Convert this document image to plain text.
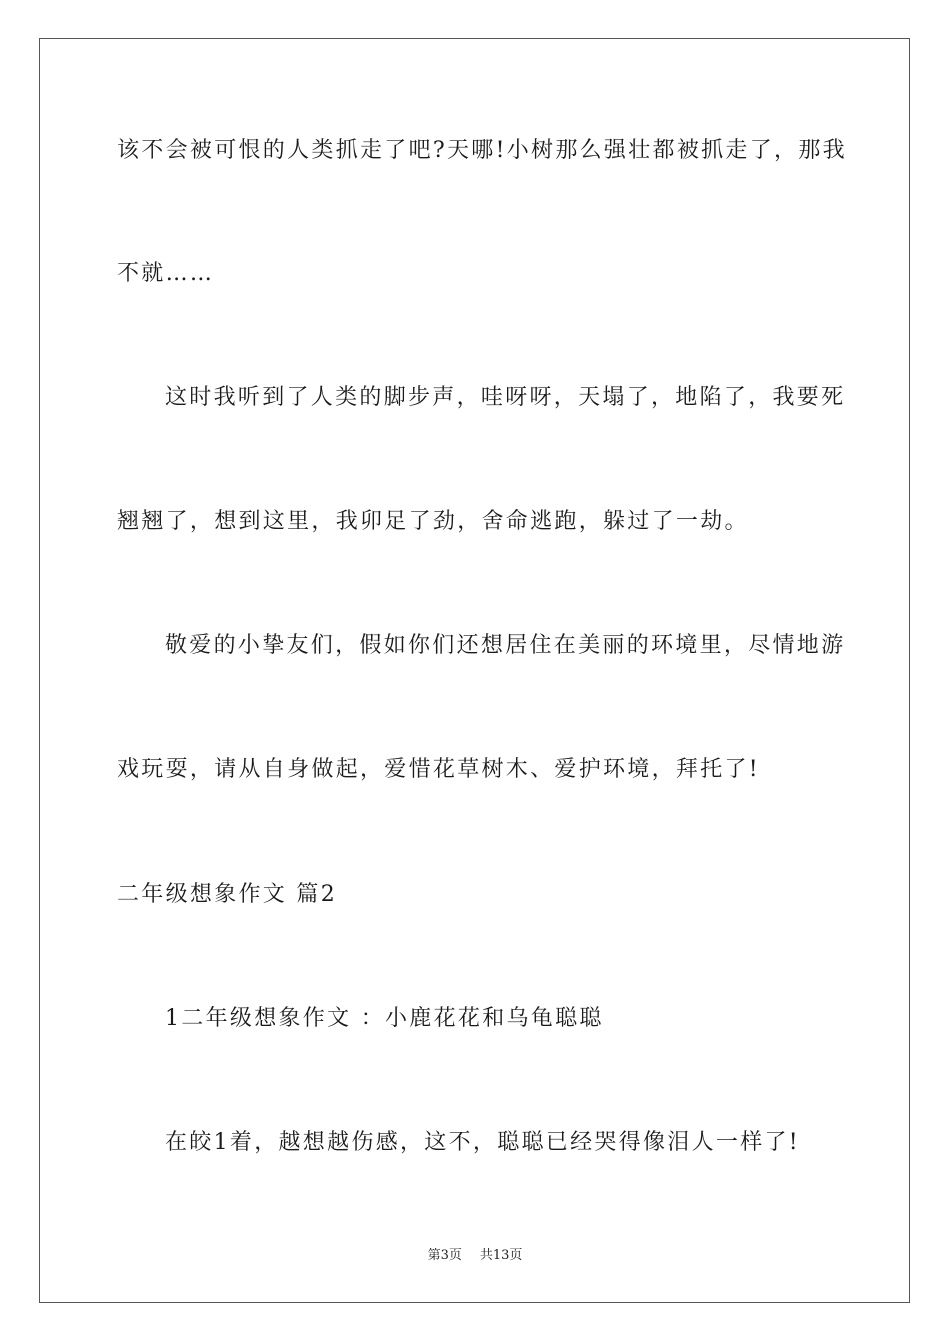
该不会被可恨的人类抓走了吧?天哪!小树那么强壮都被抓走了，那我
不就……
这时我听到了人类的脚步声，哇呀呀，天塌了，地陷了，我要死
翘翘了，想到这里，我卯足了劲，舍命逃跑，躲过了一劫。
敬爱的小挚友们，假如你们还想居住在美丽的环境里，尽情地游
戏玩耍，请从自身做起，爱惜花草树木、爱护环境，拜托了!
二年级想象作文 篇2
1二年级想象作文 ：小鹿花花和乌龟聪聪
在皎1着，越想越伤感，这不，聪聪已经哭得像泪人一样了!
第3页 共13页
